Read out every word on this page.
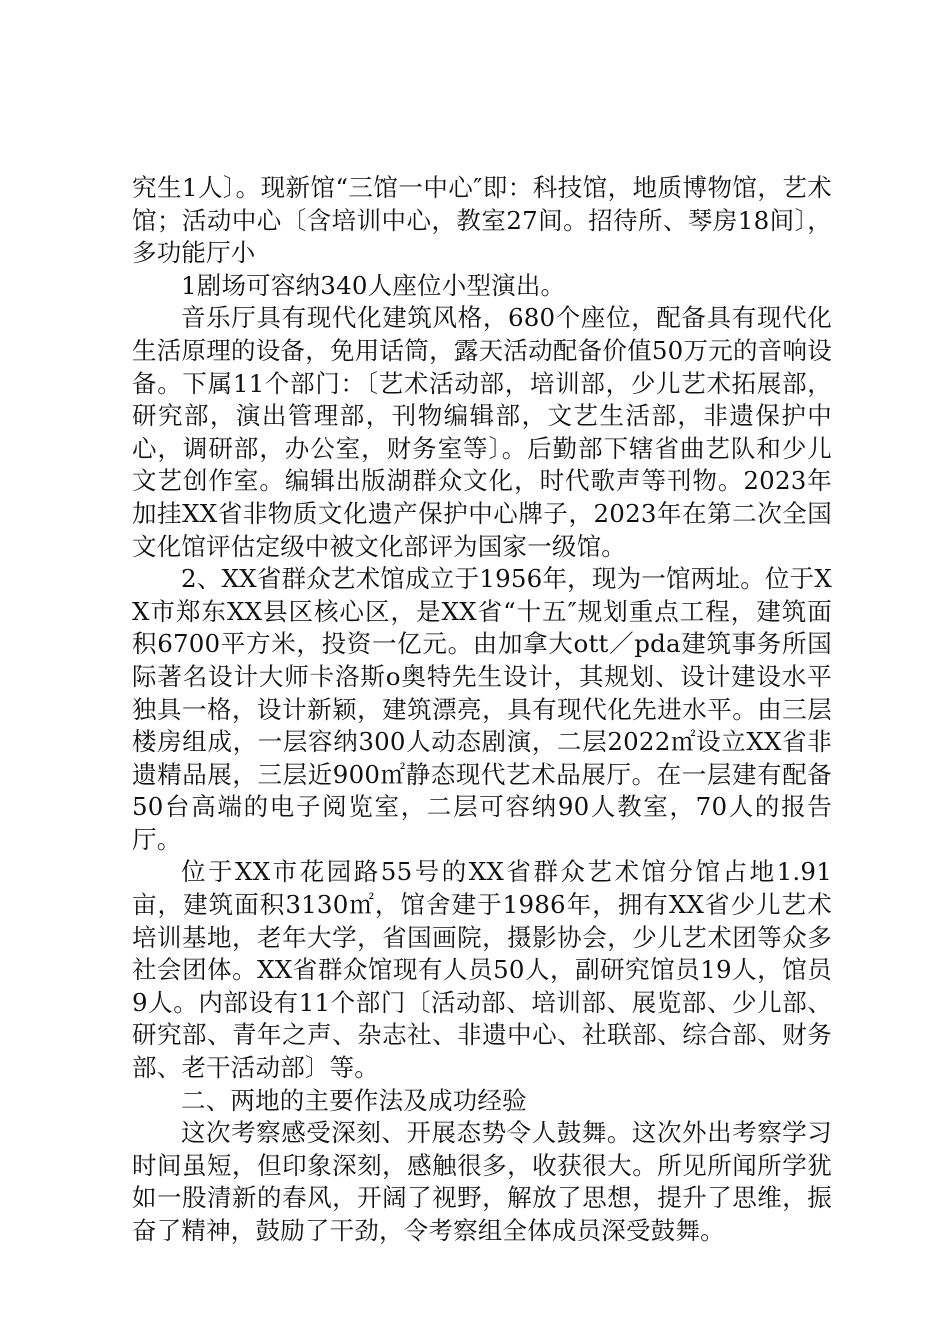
究生1人〕。现新馆“三馆一中心″即：科技馆，地质博物馆，艺术馆；活动中心〔含培训中心，教室27间。招待所、琴房18间〕，多功能厅小

1剧场可容纳340人座位小型演出。

音乐厅具有现代化建筑风格，680个座位，配备具有现代化生活原理的设备，免用话筒，露天活动配备价值50万元的音响设备。下属11个部门：〔艺术活动部，培训部，少儿艺术拓展部，研究部，演出管理部，刊物编辑部，文艺生活部，非遗保护中心，调研部，办公室，财务室等〕。后勤部下辖省曲艺队和少儿文艺创作室。编辑出版湖群众文化，时代歌声等刊物。2023年加挂XX省非物质文化遗产保护中心牌子，2023年在第二次全国文化馆评估定级中被文化部评为国家一级馆。

2、XX省群众艺术馆成立于1956年，现为一馆两址。位于XX市郑东XX县区核心区，是XX省“十五″规划重点工程，建筑面积6700平方米，投资一亿元。由加拿大ott／pda建筑事务所国际著名设计大师卡洛斯o奥特先生设计，其规划、设计建设水平独具一格，设计新颖，建筑漂亮，具有现代化先进水平。由三层楼房组成，一层容纳300人动态剧演，二层2022㎡设立XX省非遗精品展，三层近900㎡静态现代艺术品展厅。在一层建有配备50台高端的电子阅览室，二层可容纳90人教室，70人的报告厅。

位于XX市花园路55号的XX省群众艺术馆分馆占地1.91亩，建筑面积3130㎡，馆舍建于1986年，拥有XX省少儿艺术培训基地，老年大学，省国画院，摄影协会，少儿艺术团等众多社会团体。XX省群众馆现有人员50人，副研究馆员19人，馆员9人。内部设有11个部门〔活动部、培训部、展览部、少儿部、研究部、青年之声、杂志社、非遗中心、社联部、综合部、财务部、老干活动部〕等。

二、两地的主要作法及成功经验

这次考察感受深刻、开展态势令人鼓舞。这次外出考察学习时间虽短，但印象深刻，感触很多，收获很大。所见所闻所学犹如一股清新的春风，开阔了视野，解放了思想，提升了思维，振奋了精神，鼓励了干劲，令考察组全体成员深受鼓舞。
